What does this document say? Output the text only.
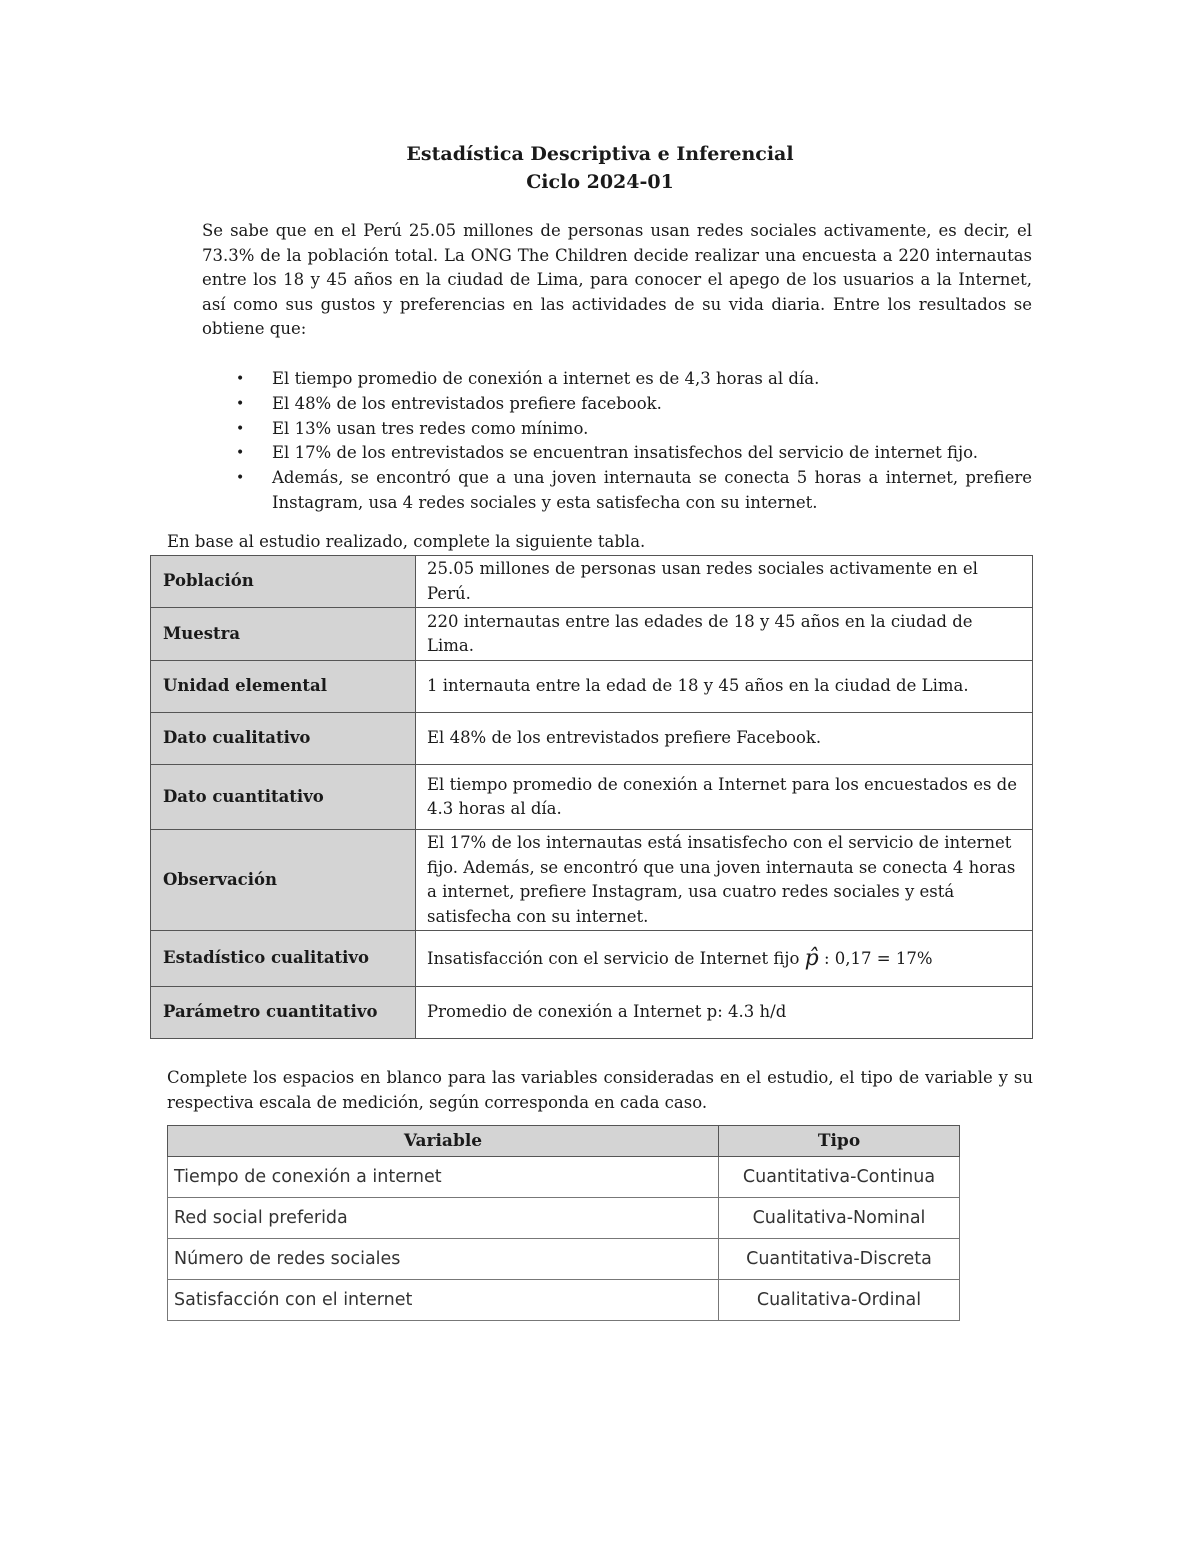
Estadística Descriptiva e Inferencial
Ciclo 2024-01

Se sabe que en el Perú 25.05 millones de personas usan redes sociales activamente, es decir, el 73.3% de la población total. La ONG The Children decide realizar una encuesta a 220 internautas entre los 18 y 45 años en la ciudad de Lima, para conocer el apego de los usuarios a la Internet, así como sus gustos y preferencias en las actividades de su vida diaria. Entre los resultados se obtiene que:

• El tiempo promedio de conexión a internet es de 4,3 horas al día.
• El 48% de los entrevistados prefiere facebook.
• El 13% usan tres redes como mínimo.
• El 17% de los entrevistados se encuentran insatisfechos del servicio de internet fijo.
• Además, se encontró que a una joven internauta se conecta 5 horas a internet, prefiere Instagram, usa 4 redes sociales y esta satisfecha con su internet.

En base al estudio realizado, complete la siguiente tabla.

Población	25.05 millones de personas usan redes sociales activamente en el Perú.
Muestra	220 internautas entre las edades de 18 y 45 años en la ciudad de Lima.
Unidad elemental	1 internauta entre la edad de 18 y 45 años en la ciudad de Lima.
Dato cualitativo	El 48% de los entrevistados prefiere Facebook.
Dato cuantitativo	El tiempo promedio de conexión a Internet para los encuestados es de 4.3 horas al día.
Observación	El 17% de los internautas está insatisfecho con el servicio de internet fijo. Además, se encontró que una joven internauta se conecta 4 horas a internet, prefiere Instagram, usa cuatro redes sociales y está satisfecha con su internet.
Estadístico cualitativo	Insatisfacción con el servicio de Internet fijo p̂ : 0,17 = 17%
Parámetro cuantitativo	Promedio de conexión a Internet p: 4.3 h/d

Complete los espacios en blanco para las variables consideradas en el estudio, el tipo de variable y su respectiva escala de medición, según corresponda en cada caso.

Variable	Tipo
Tiempo de conexión a internet	Cuantitativa-Continua
Red social preferida	Cualitativa-Nominal
Número de redes sociales	Cuantitativa-Discreta
Satisfacción con el internet	Cualitativa-Ordinal
